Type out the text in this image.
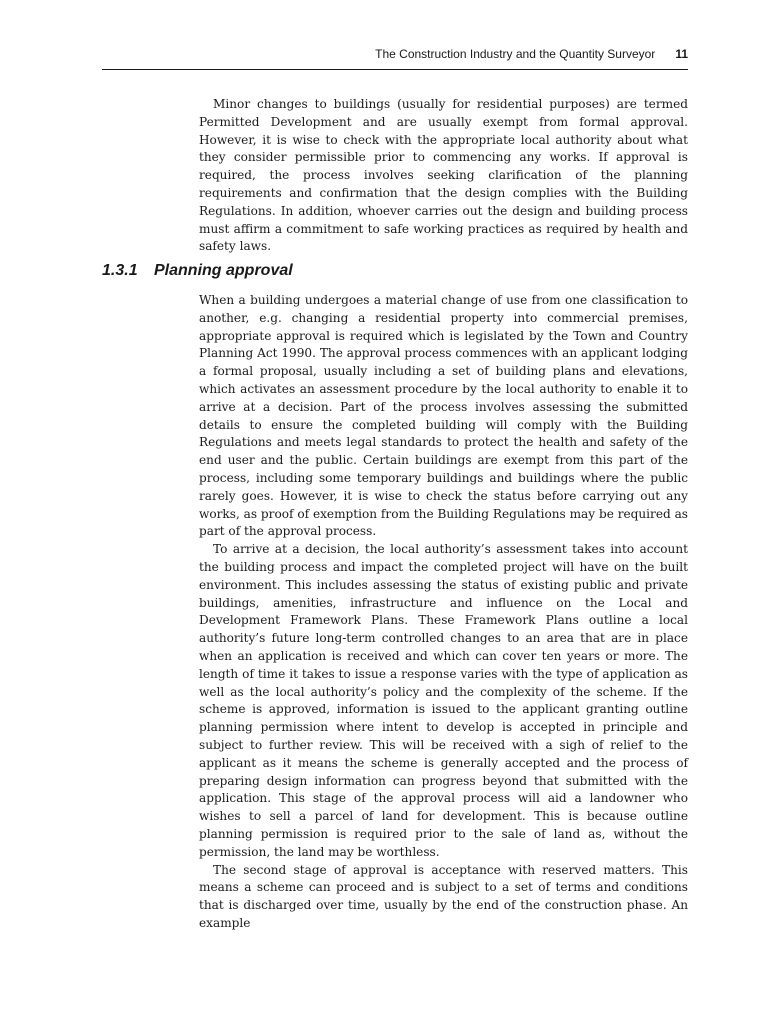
The Construction Industry and the Quantity Surveyor 11

Minor changes to buildings (usually for residential purposes) are termed Permitted Development and are usually exempt from formal approval. However, it is wise to check with the appropriate local authority about what they consider permissible prior to commencing any works. If approval is required, the process involves seeking clarification of the planning requirements and confirmation that the design complies with the Building Regulations. In addition, whoever carries out the design and building process must affirm a commitment to safe working practices as required by health and safety laws.

1.3.1 Planning approval

When a building undergoes a material change of use from one classification to another, e.g. changing a residential property into commercial premises, appropriate approval is required which is legislated by the Town and Country Planning Act 1990. The approval process commences with an applicant lodging a formal proposal, usually including a set of building plans and elevations, which activates an assessment procedure by the local authority to enable it to arrive at a decision. Part of the process involves assessing the submitted details to ensure the completed building will comply with the Building Regulations and meets legal standards to protect the health and safety of the end user and the public. Certain buildings are exempt from this part of the process, including some temporary buildings and buildings where the public rarely goes. However, it is wise to check the status before carrying out any works, as proof of exemption from the Building Regulations may be required as part of the approval process.

To arrive at a decision, the local authority’s assessment takes into account the building process and impact the completed project will have on the built environment. This includes assessing the status of existing public and private buildings, amenities, infrastructure and influence on the Local and Development Framework Plans. These Framework Plans outline a local authority’s future long-term controlled changes to an area that are in place when an application is received and which can cover ten years or more. The length of time it takes to issue a response varies with the type of application as well as the local authority’s policy and the complexity of the scheme. If the scheme is approved, information is issued to the applicant granting outline planning permission where intent to develop is accepted in principle and subject to further review. This will be received with a sigh of relief to the applicant as it means the scheme is generally accepted and the process of preparing design information can progress beyond that submitted with the application. This stage of the approval process will aid a landowner who wishes to sell a parcel of land for development. This is because outline planning permission is required prior to the sale of land as, without the permission, the land may be worthless.

The second stage of approval is acceptance with reserved matters. This means a scheme can proceed and is subject to a set of terms and conditions that is discharged over time, usually by the end of the construction phase. An example
